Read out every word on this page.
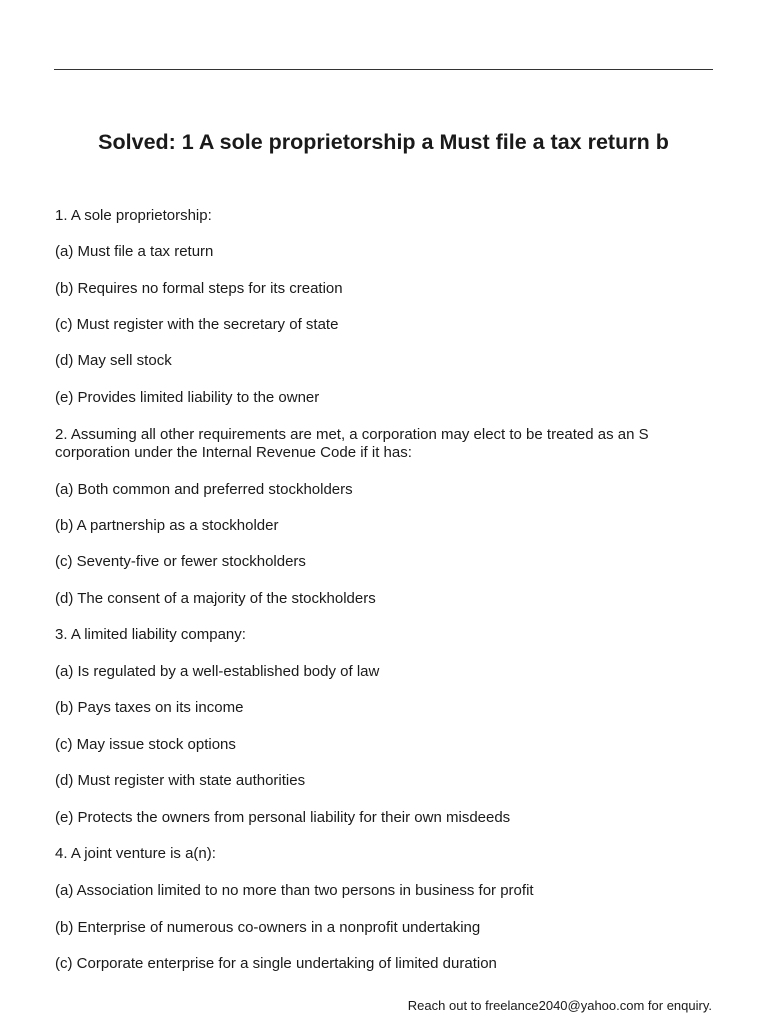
Solved: 1 A sole proprietorship a Must file a tax return b

1. A sole proprietorship:

(a) Must file a tax return

(b) Requires no formal steps for its creation

(c) Must register with the secretary of state

(d) May sell stock

(e) Provides limited liability to the owner

2. Assuming all other requirements are met, a corporation may elect to be treated as an S corporation under the Internal Revenue Code if it has:

(a) Both common and preferred stockholders

(b) A partnership as a stockholder

(c) Seventy-five or fewer stockholders

(d) The consent of a majority of the stockholders

3. A limited liability company:

(a) Is regulated by a well-established body of law

(b) Pays taxes on its income

(c) May issue stock options

(d) Must register with state authorities

(e) Protects the owners from personal liability for their own misdeeds

4. A joint venture is a(n):

(a) Association limited to no more than two persons in business for profit

(b) Enterprise of numerous co-owners in a nonprofit undertaking

(c) Corporate enterprise for a single undertaking of limited duration

Reach out to freelance2040@yahoo.com for enquiry.
